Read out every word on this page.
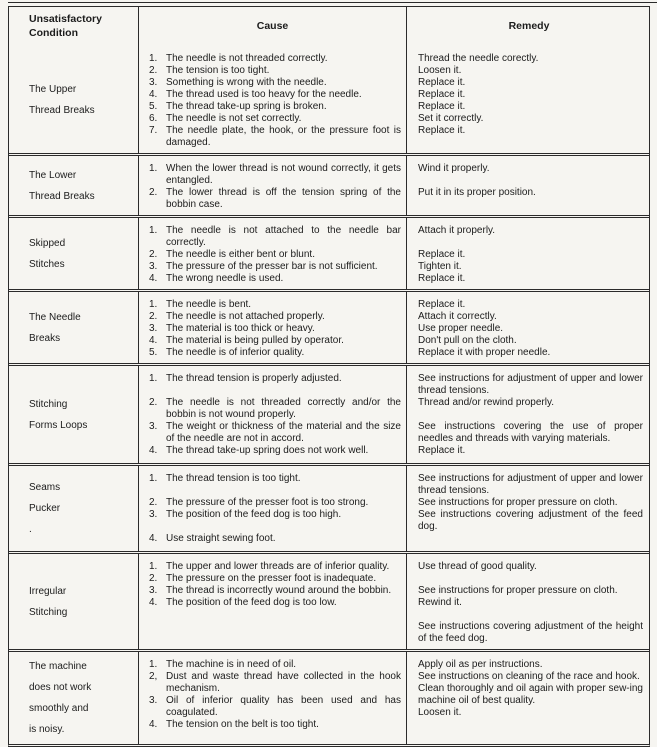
Unsatisfactory
Condition
Cause	Remedy
The Upper
Thread Breaks
1. The needle is not threaded correctly.
2. The tension is too tight.
3. Something is wrong with the needle.
4. The thread used is too heavy for the needle.
5. The thread take-up spring is broken.
6. The needle is not set correctly.
7. The needle plate, the hook, or the pressure foot is damaged.
Thread the needle corectly.
Loosen it.
Replace it.
Replace it.
Replace it.
Set it correctly.
Replace it.
The Lower
Thread Breaks
1. When the lower thread is not wound correctly, it gets entangled.
2. The lower thread is off the tension spring of the bobbin case.
Wind it properly.
Put it in its proper position.
Skipped
Stitches
1. The needle is not attached to the needle bar correctly.
2. The needle is either bent or blunt.
3. The pressure of the presser bar is not sufficient.
4. The wrong needle is used.
Attach it properly.
Replace it.
Tighten it.
Replace it.
The Needle
Breaks
1. The needle is bent.
2. The needle is not attached properly.
3. The material is too thick or heavy.
4. The material is being pulled by operator.
5. The needle is of inferior quality.
Replace it.
Attach it correctly.
Use proper needle.
Don't pull on the cloth.
Replace it with proper needle.
Stitching
Forms Loops
1. The thread tension is properly adjusted.
2. The needle is not threaded correctly and/or the bobbin is not wound properly.
3. The weight or thickness of the material and the size of the needle are not in accord.
4. The thread take-up spring does not work well.
See instructions for adjustment of upper and lower thread tensions.
Thread and/or rewind properly.
See instructions covering the use of proper needles and threads with varying materials.
Replace it.
Seams
Pucker
.
1. The thread tension is too tight.
2. The pressure of the presser foot is too strong.
3. The position of the feed dog is too high.
4. Use straight sewing foot.
See instructions for adjustment of upper and lower thread tensions.
See instructions for proper pressure on cloth.
See instructions covering adjustment of the feed dog.
Irregular
Stitching
1. The upper and lower threads are of inferior quality.
2. The pressure on the presser foot is inadequate.
3. The thread is incorrectly wound around the bobbin.
4. The position of the feed dog is too low.
Use thread of good quality.
See instructions for proper pressure on cloth.
Rewind it.
See instructions covering adjustment of the height of the feed dog.
The machine
does not work
smoothly and
is noisy.
1. The machine is in need of oil.
2, Dust and waste thread have collected in the hook mechanism.
3. Oil of inferior quality has been used and has coagulated.
4. The tension on the belt is too tight.
Apply oil as per instructions.
See instructions on cleaning of the race and hook.
Clean thoroughly and oil again with proper sew-ing machine oil of best quality.
Loosen it.
